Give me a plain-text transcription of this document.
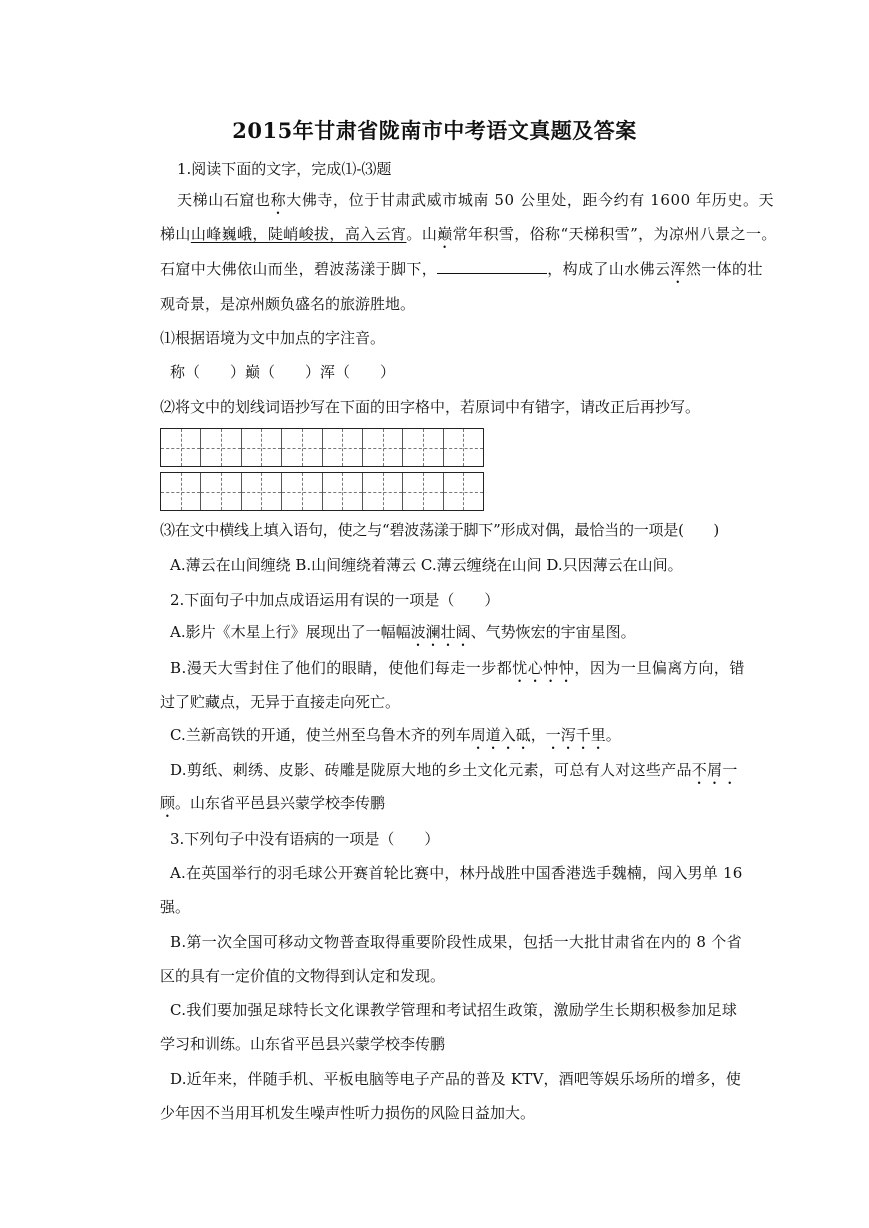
2015年甘肃省陇南市中考语文真题及答案
1.阅读下面的文字，完成⑴-⑶题
天梯山石窟也称大佛寺，位于甘肃武威市城南 50 公里处，距今约有 1600 年历史。天
梯山山峰巍峨，陡峭峻拔，高入云宵。山巅常年积雪，俗称“天梯积雪”，为凉州八景之一。
石窟中大佛依山而坐，碧波荡漾于脚下，	，构成了山水佛云浑然一体的壮
观奇景，是凉州颇负盛名的旅游胜地。
⑴根据语境为文中加点的字注音。
称（　　）巅（　　）浑（　　）
⑵将文中的划线词语抄写在下面的田字格中，若原词中有错字，请改正后再抄写。
⑶在文中横线上填入语句，使之与“碧波荡漾于脚下”形成对偶，最恰当的一项是(　　)
A.薄云在山间缠绕 B.山间缠绕着薄云 C.薄云缠绕在山间 D.只因薄云在山间。
2.下面句子中加点成语运用有误的一项是（　　）
A.影片《木星上行》展现出了一幅幅波澜壮阔、气势恢宏的宇宙星图。
B.漫天大雪封住了他们的眼睛，使他们每走一步都忧心忡忡，因为一旦偏离方向，错
过了贮藏点，无异于直接走向死亡。
C.兰新高铁的开通，使兰州至乌鲁木齐的列车周道入砥，一泻千里。
D.剪纸、刺绣、皮影、砖雕是陇原大地的乡土文化元素，可总有人对这些产品不屑一
顾。山东省平邑县兴蒙学校李传鹏
3.下列句子中没有语病的一项是（　　）
A.在英国举行的羽毛球公开赛首轮比赛中，林丹战胜中国香港选手魏楠，闯入男单 16
强。
B.第一次全国可移动文物普查取得重要阶段性成果，包括一大批甘肃省在内的 8 个省
区的具有一定价值的文物得到认定和发现。
C.我们要加强足球特长文化课教学管理和考试招生政策，激励学生长期积极参加足球
学习和训练。山东省平邑县兴蒙学校李传鹏
D.近年来，伴随手机、平板电脑等电子产品的普及 KTV，酒吧等娱乐场所的增多，使
少年因不当用耳机发生噪声性听力损伤的风险日益加大。
